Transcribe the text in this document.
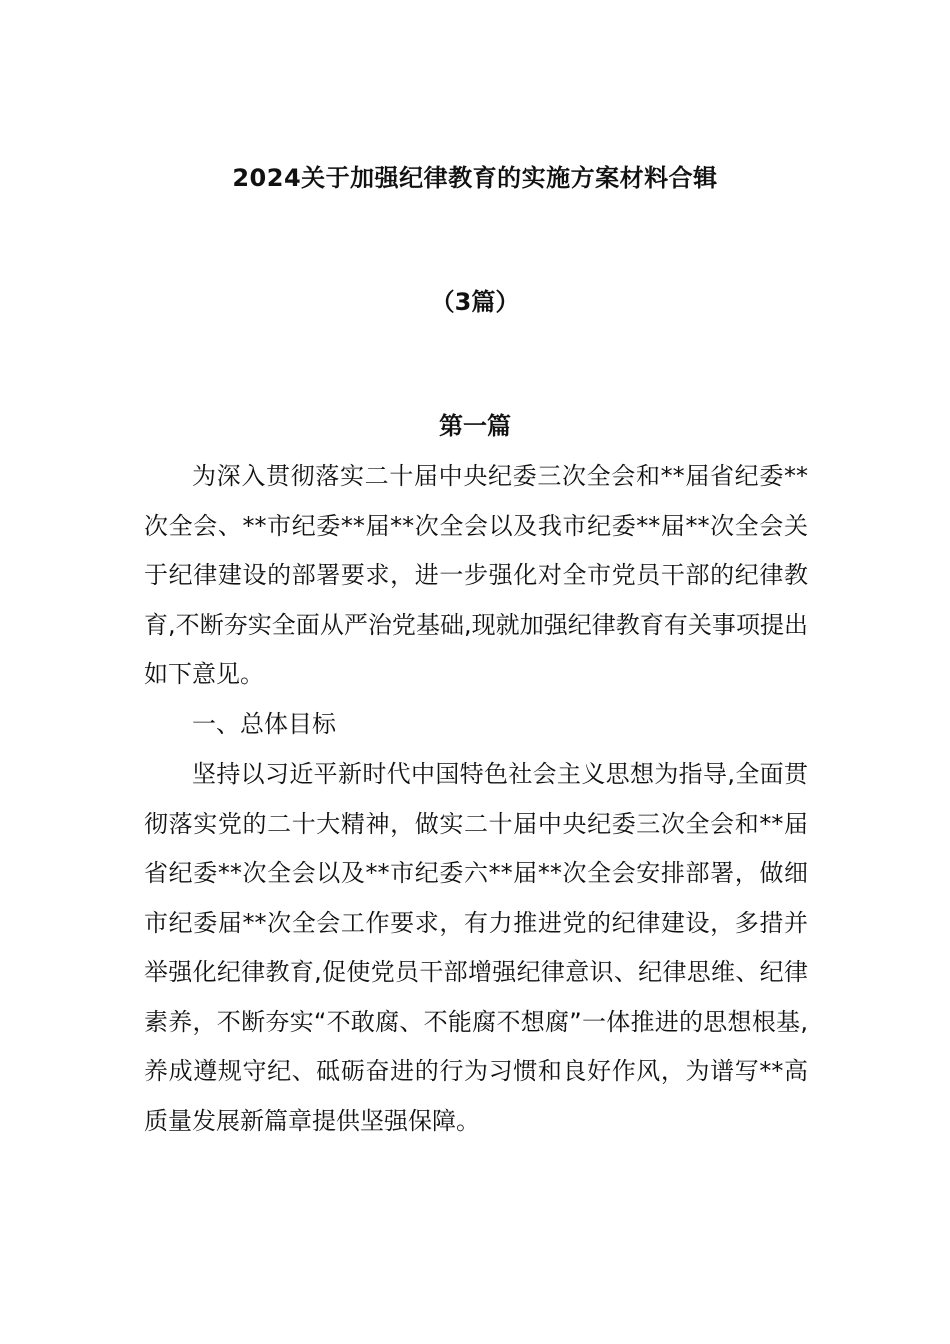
2024关于加强纪律教育的实施方案材料合辑
（3篇）
第一篇

为深入贯彻落实二十届中央纪委三次全会和**届省纪委**次全会、**市纪委**届**次全会以及我市纪委**届**次全会关于纪律建设的部署要求，进一步强化对全市党员干部的纪律教育,不断夯实全面从严治党基础,现就加强纪律教育有关事项提出如下意见。

一、总体目标

坚持以习近平新时代中国特色社会主义思想为指导,全面贯彻落实党的二十大精神，做实二十届中央纪委三次全会和**届省纪委**次全会以及**市纪委六**届**次全会安排部署，做细市纪委届**次全会工作要求，有力推进党的纪律建设，多措并举强化纪律教育,促使党员干部增强纪律意识、纪律思维、纪律素养，不断夯实“不敢腐、不能腐不想腐”一体推进的思想根基,养成遵规守纪、砥砺奋进的行为习惯和良好作风，为谱写**高质量发展新篇章提供坚强保障。
